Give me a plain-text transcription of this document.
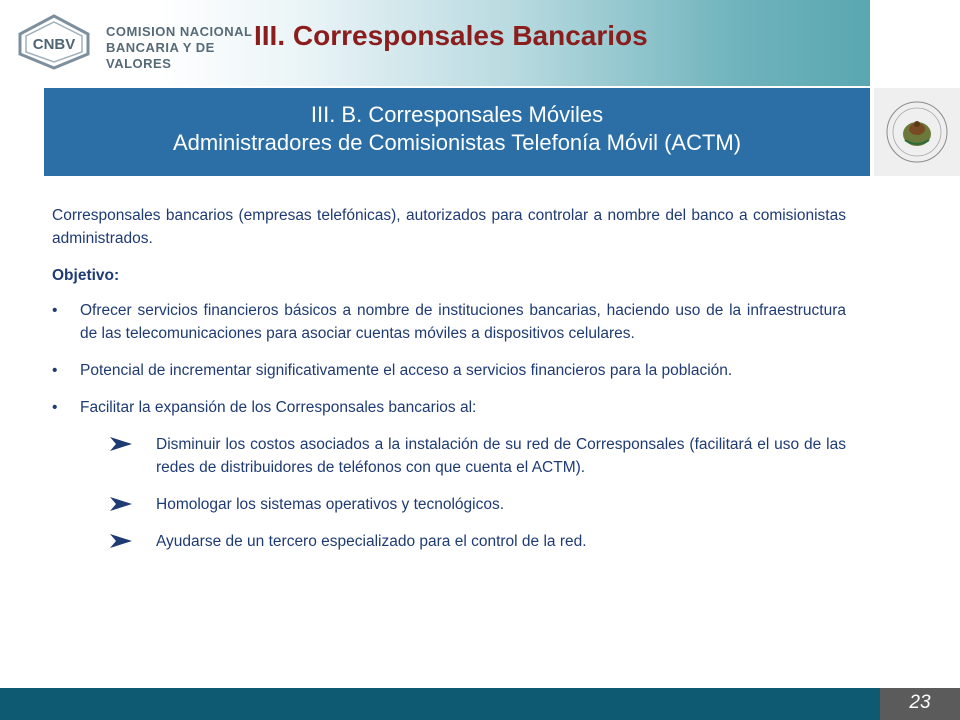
CNBV
COMISION NACIONAL
BANCARIA Y DE VALORES
III. Corresponsales Bancarios
III. B. Corresponsales Móviles
Administradores de Comisionistas Telefonía Móvil (ACTM)

Corresponsales bancarios (empresas telefónicas), autorizados para controlar a nombre del banco a comisionistas administrados.

Objetivo:

• Ofrecer servicios financieros básicos a nombre de instituciones bancarias, haciendo uso de la infraestructura de las telecomunicaciones para asociar cuentas móviles a dispositivos celulares.
• Potencial de incrementar significativamente el acceso a servicios financieros para la población.
• Facilitar la expansión de los Corresponsales bancarios al:
Disminuir los costos asociados a la instalación de su red de Corresponsales (facilitará el uso de las redes de distribuidores de teléfonos con que cuenta el ACTM).
Homologar los sistemas operativos y tecnológicos.
Ayudarse de un tercero especializado para el control de la red.
23
